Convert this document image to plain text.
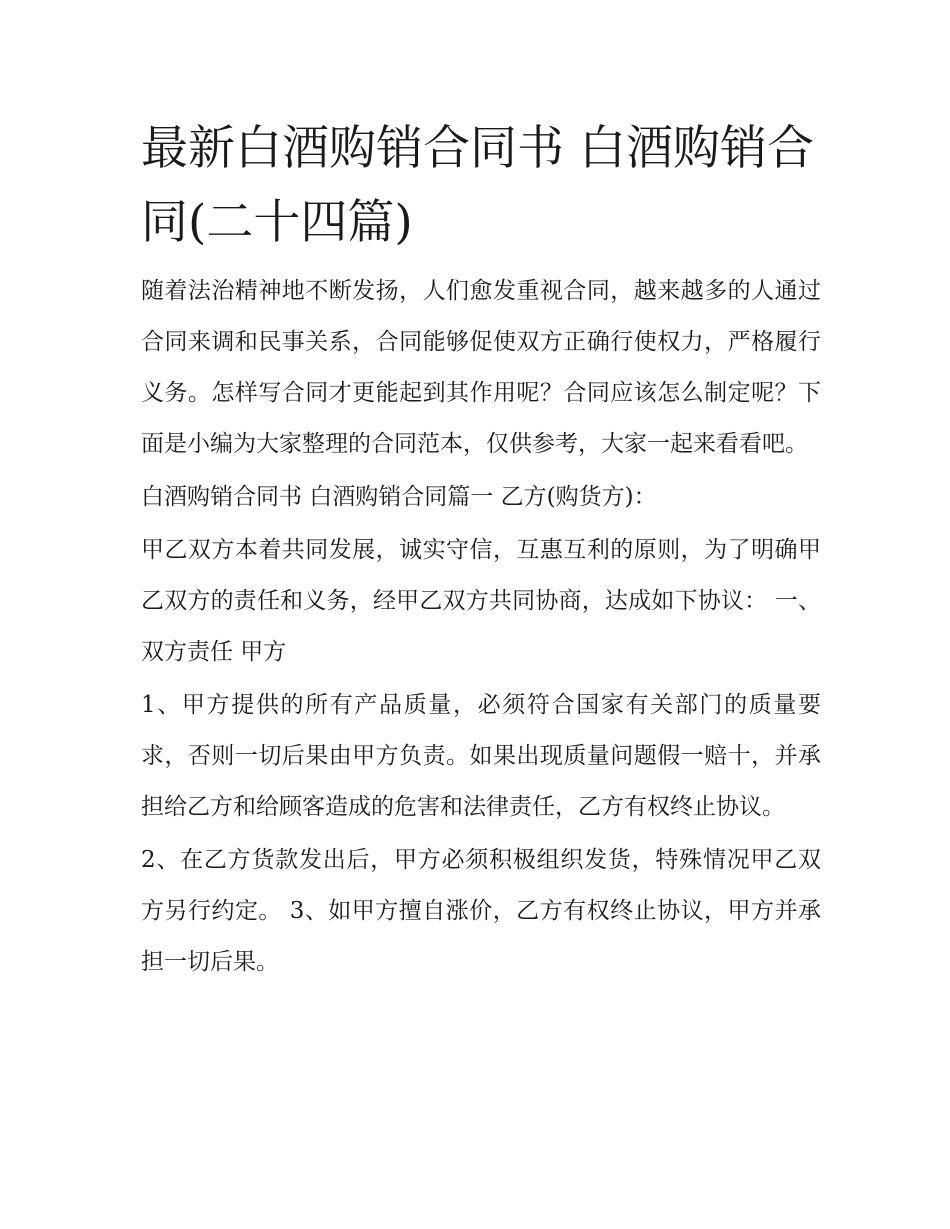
最新白酒购销合同书 白酒购销合同(二十四篇)

随着法治精神地不断发扬，人们愈发重视合同，越来越多的人通过合同来调和民事关系，合同能够促使双方正确行使权力，严格履行义务。怎样写合同才更能起到其作用呢？合同应该怎么制定呢？下面是小编为大家整理的合同范本，仅供参考，大家一起来看看吧。

白酒购销合同书 白酒购销合同篇一 乙方(购货方)：

甲乙双方本着共同发展，诚实守信，互惠互利的原则，为了明确甲乙双方的责任和义务，经甲乙双方共同协商，达成如下协议： 一、双方责任 甲方

1、甲方提供的所有产品质量，必须符合国家有关部门的质量要求，否则一切后果由甲方负责。如果出现质量问题假一赔十，并承担给乙方和给顾客造成的危害和法律责任，乙方有权终止协议。

2、在乙方货款发出后，甲方必须积极组织发货，特殊情况甲乙双方另行约定。 3、如甲方擅自涨价，乙方有权终止协议，甲方并承担一切后果。
